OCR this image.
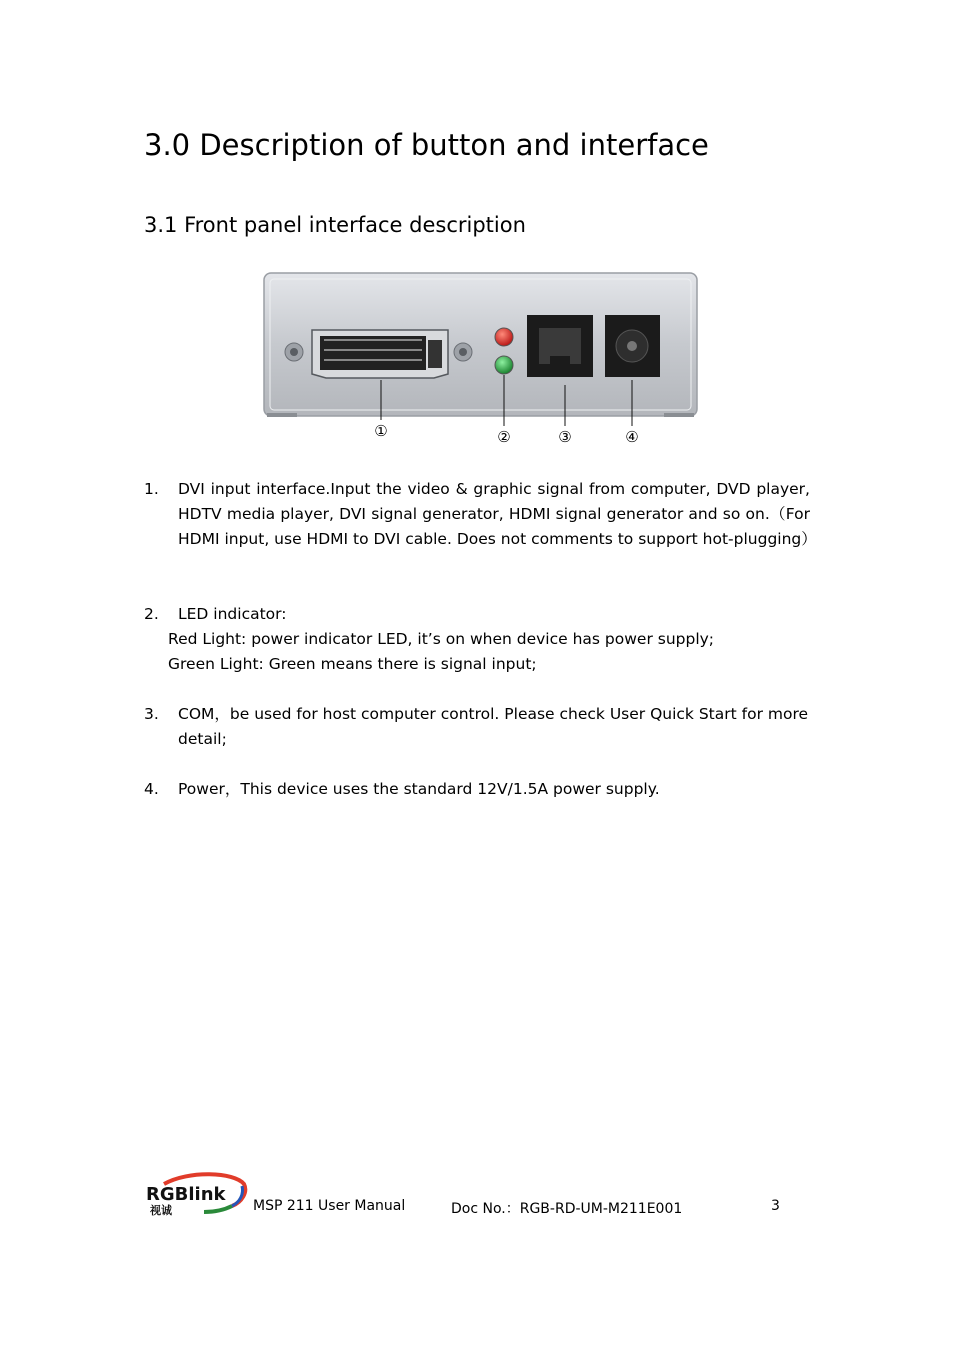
3.0 Description of button and interface
3.1 Front panel interface description
①	②	③	④
1. DVI input interface.Input the video & graphic signal from computer, DVD player, HDTV media player, DVI signal generator, HDMI signal generator and so on.（For HDMI input, use HDMI to DVI cable. Does not comments to support hot-plugging）
2. LED indicator:
Red Light: power indicator LED, it’s on when device has power supply;
Green Light: Green means there is signal input;
3. COM，be used for host computer control. Please check User Quick Start for more detail;
4. Power，This device uses the standard 12V/1.5A power supply.
RGBlink
视诚	MSP 211 User Manual	Doc No.：RGB-RD-UM-M211E001	3
